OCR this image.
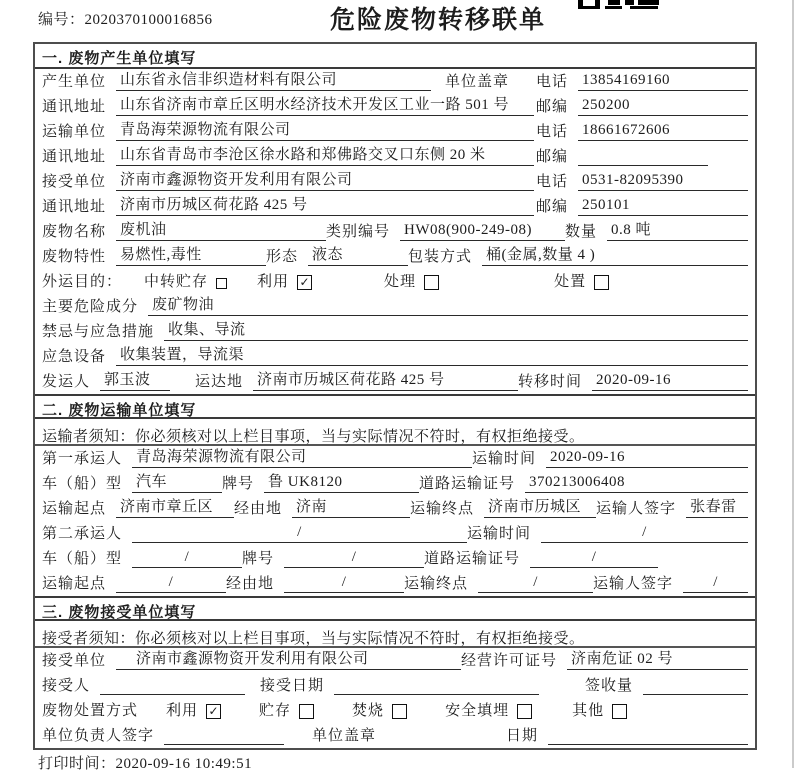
编号：2020370100016856	危险废物转移联单
一. 废物产生单位填写
产生单位 山东省永信非织造材料有限公司	单位盖章 电话 13854169160
通讯地址 山东省济南市章丘区明水经济技术开发区工业一路 501 号	邮编 250200
运输单位 青岛海荣源物流有限公司	电话 18661672606
通讯地址 山东省青岛市李沧区徐水路和郑佛路交叉口东侧 20 米	邮编
接受单位 济南市鑫源物资开发利用有限公司	电话 0531-82095390
通讯地址 济南市历城区荷花路 425 号	邮编 250101
废物名称 废机油	类别编号 HW08(900-249-08)	数量 0.8 吨
废物特性 易燃性,毒性	形态 液态	包装方式 桶(金属,数量 4 )
外运目的： 中转贮存	利用 ✓	处理	处置
主要危险成分 废矿物油
禁忌与应急措施 收集、导流
应急设备 收集装置，导流渠
发运人 郭玉波	运达地 济南市历城区荷花路 425 号	转移时间 2020-09-16
二. 废物运输单位填写
运输者须知：你必须核对以上栏目事项，当与实际情况不符时，有权拒绝接受。
第一承运人 青岛海荣源物流有限公司	运输时间 2020-09-16
车（船）型 汽车	牌号 鲁 UK8120	道路运输证号 370213006408
运输起点 济南市章丘区	经由地 济南	运输终点 济南市历城区 运输人签字 张春雷
第二承运人	/	运输时间	/
车（船）型	/	牌号	/	道路运输证号	/
运输起点	/	经由地	/	运输终点	/	运输人签字	/
三. 废物接受单位填写
接受者须知：你必须核对以上栏目事项，当与实际情况不符时，有权拒绝接受。
接受单位	济南市鑫源物资开发利用有限公司	经营许可证号 济南危证 02 号
接受人	接受日期	签收量
废物处置方式 利用 ✓	贮存	焚烧	安全填埋	其他
单位负责人签字	单位盖章	日期
打印时间：2020-09-16 10:49:51
